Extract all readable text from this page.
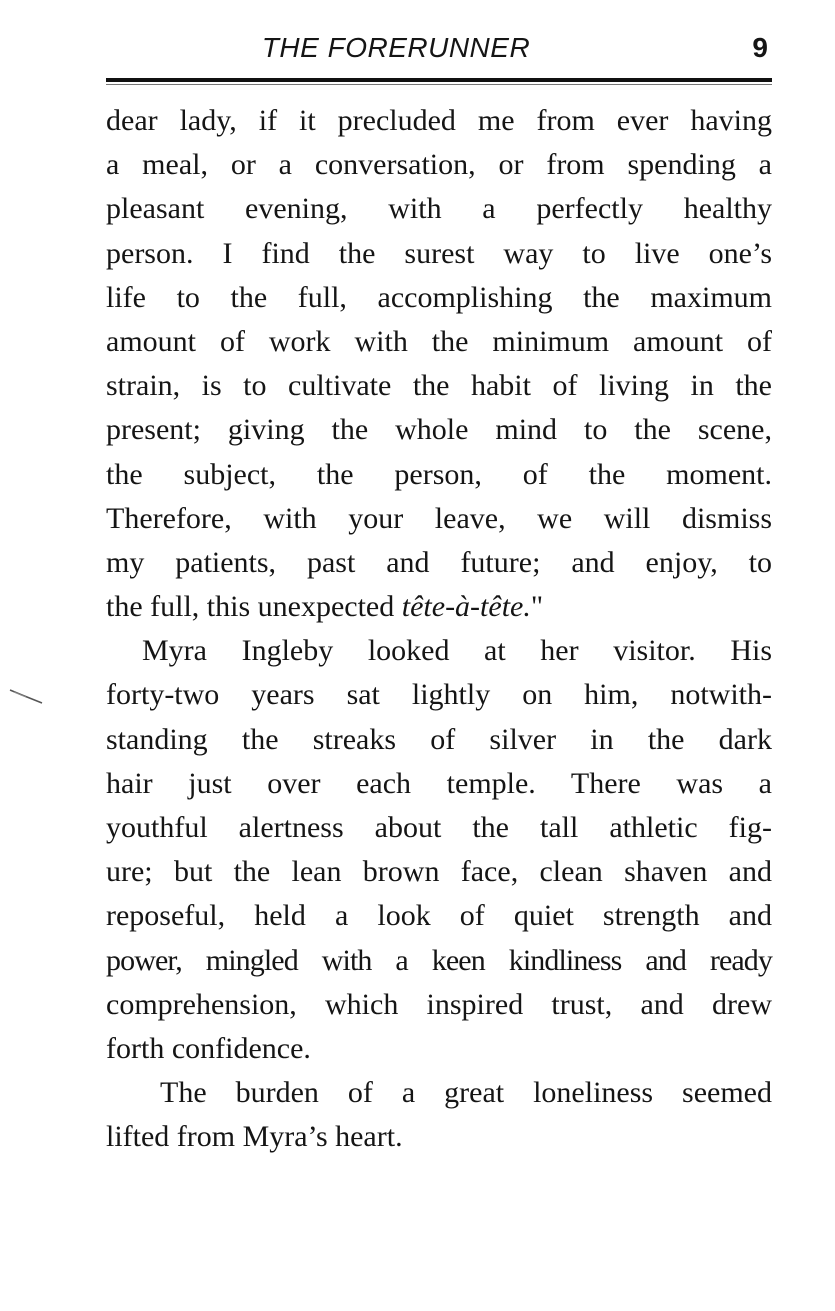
THE FORERUNNER	9
dear lady, if it precluded me from ever having
a meal, or a conversation, or from spending a
pleasant evening, with a perfectly healthy
person. I find the surest way to live one’s
life to the full, accomplishing the maximum
amount of work with the minimum amount of
strain, is to cultivate the habit of living in the
present; giving the whole mind to the scene,
the subject, the person, of the moment.
Therefore, with your leave, we will dismiss
my patients, past and future; and enjoy, to
the full, this unexpected tête-à-tête."
Myra Ingleby looked at her visitor. His
forty-two years sat lightly on him, notwith-
standing the streaks of silver in the dark
hair just over each temple. There was a
youthful alertness about the tall athletic fig-
ure; but the lean brown face, clean shaven and
reposeful, held a look of quiet strength and
power, mingled with a keen kindliness and ready
comprehension, which inspired trust, and drew
forth confidence.
The burden of a great loneliness seemed
lifted from Myra’s heart.
